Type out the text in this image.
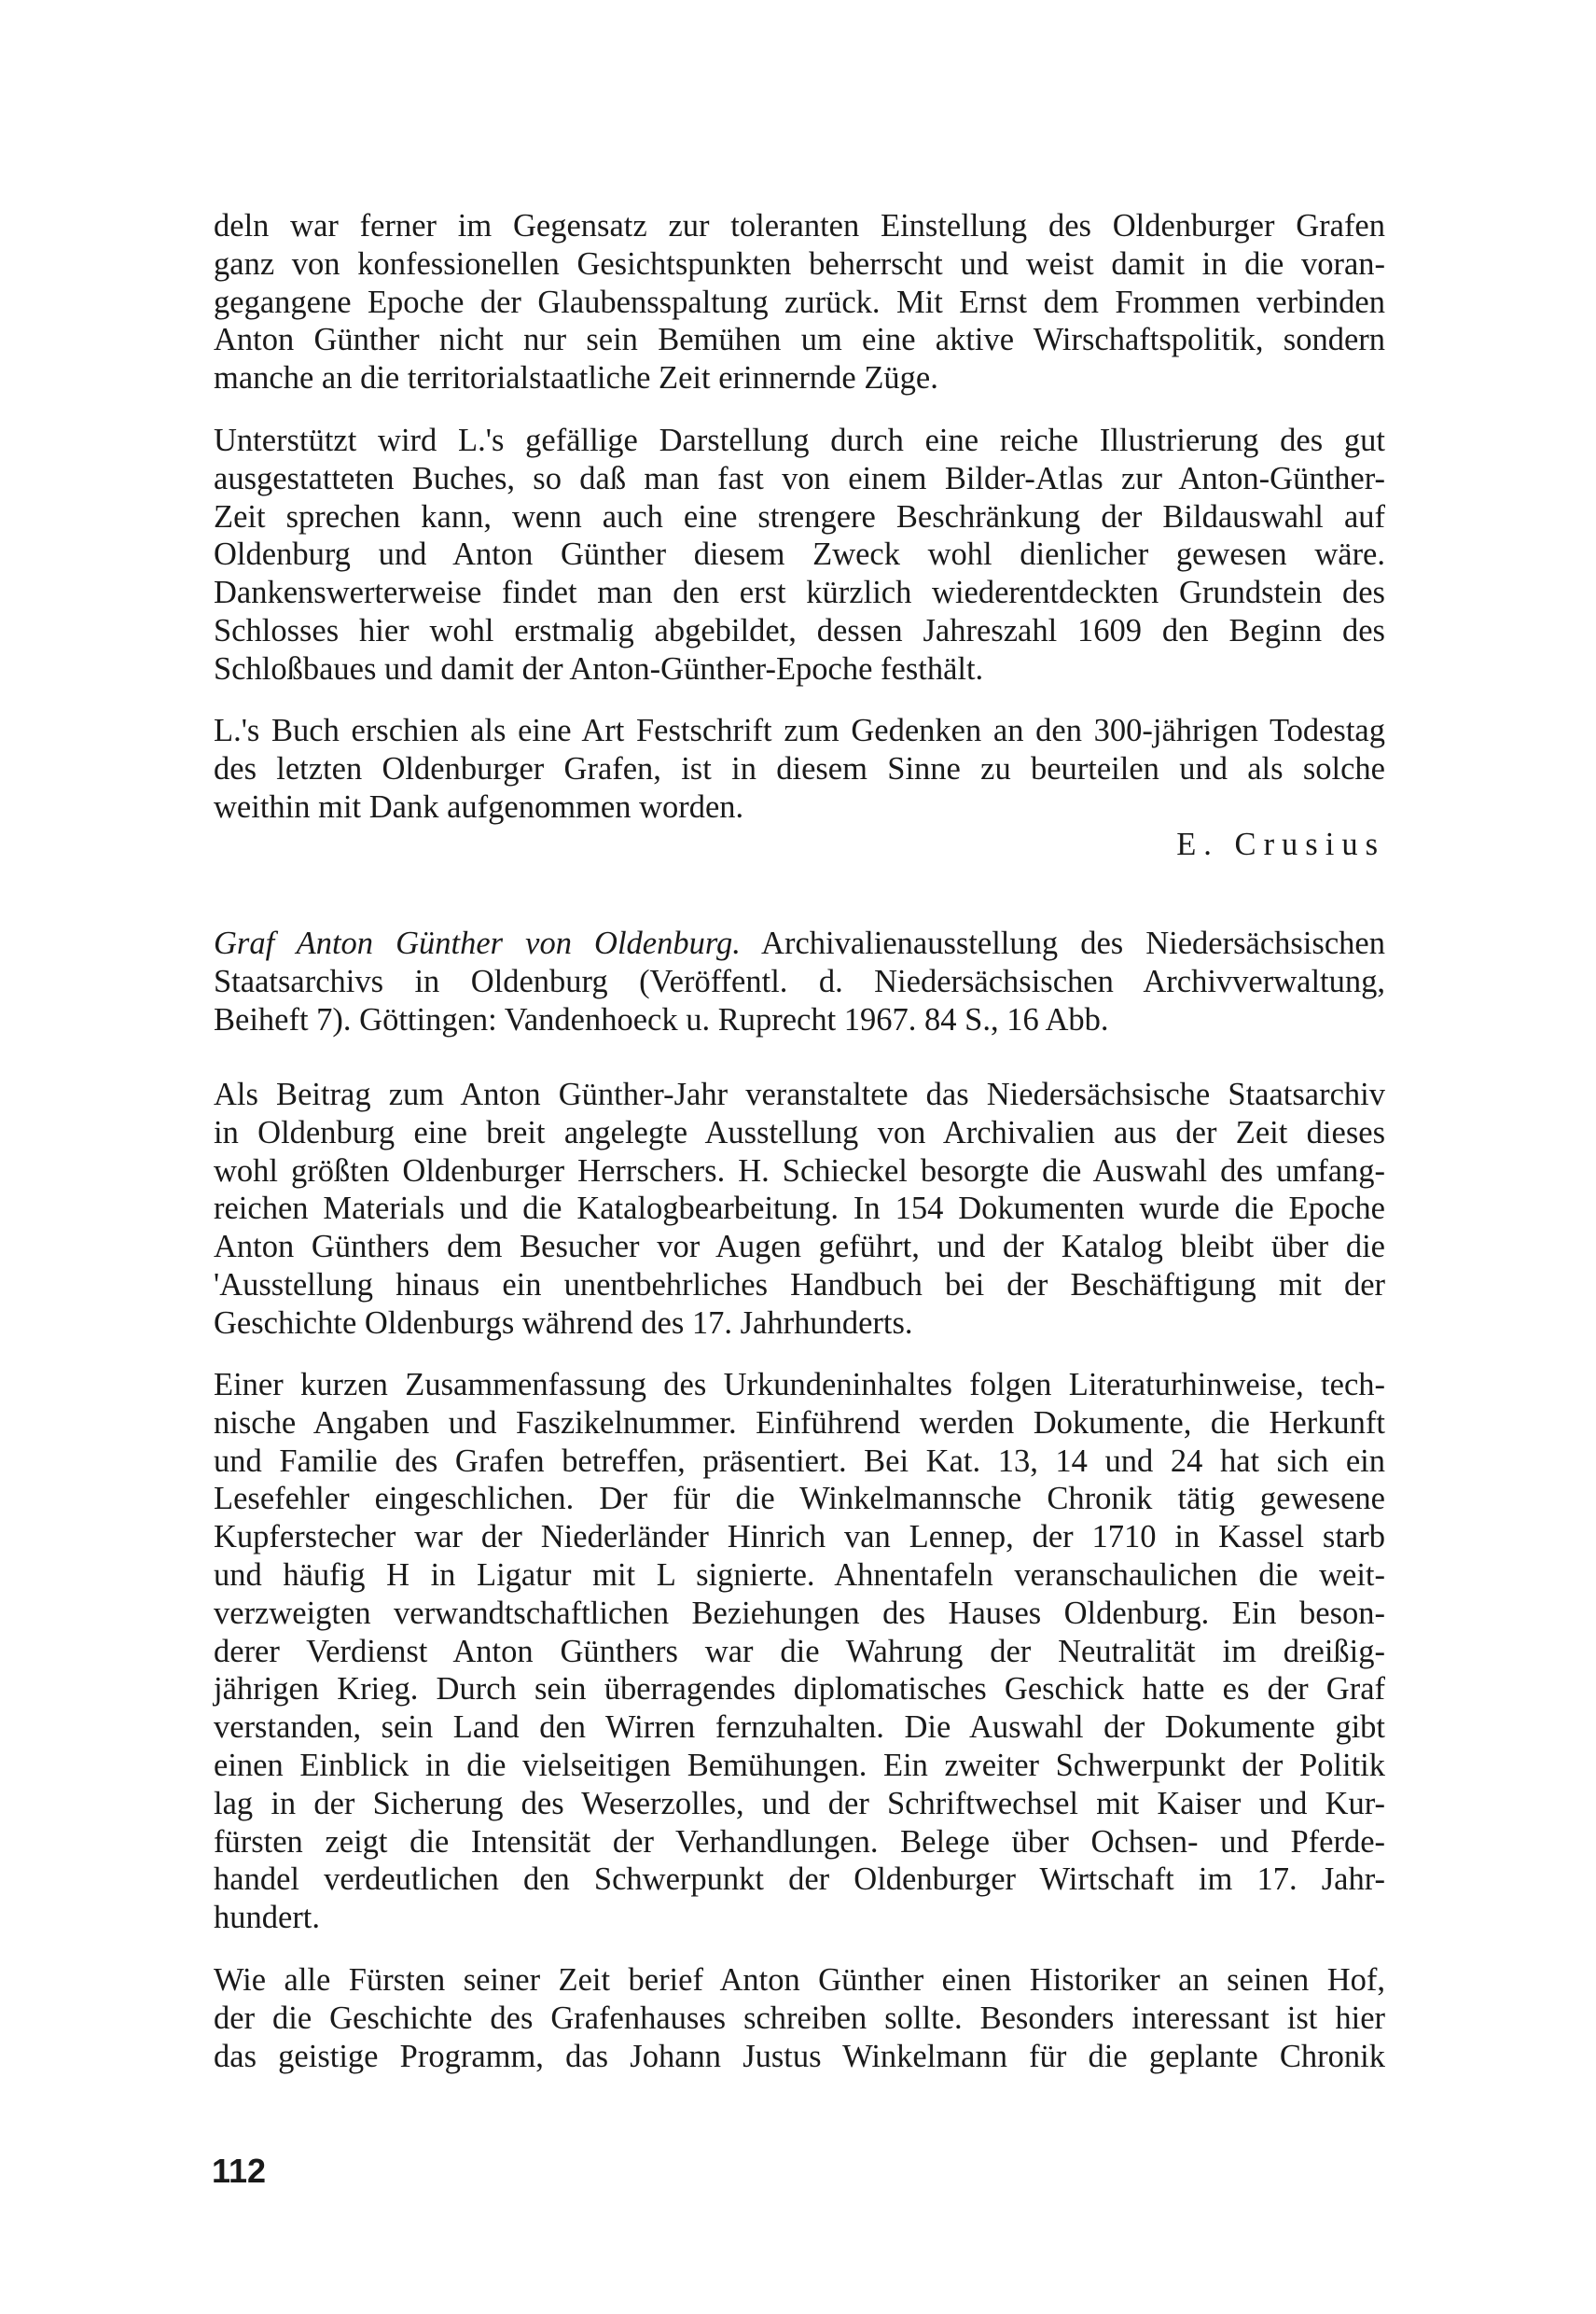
deln war ferner im Gegensatz zur toleranten Einstellung des Oldenburger Grafen
ganz von konfessionellen Gesichtspunkten beherrscht und weist damit in die voran-
gegangene Epoche der Glaubensspaltung zurück. Mit Ernst dem Frommen verbinden
Anton Günther nicht nur sein Bemühen um eine aktive Wirschaftspolitik, sondern
manche an die territorialstaatliche Zeit erinnernde Züge.
Unterstützt wird L.'s gefällige Darstellung durch eine reiche Illustrierung des gut
ausgestatteten Buches, so daß man fast von einem Bilder-Atlas zur Anton-Günther-
Zeit sprechen kann, wenn auch eine strengere Beschränkung der Bildauswahl auf
Oldenburg und Anton Günther diesem Zweck wohl dienlicher gewesen wäre.
Dankenswerterweise findet man den erst kürzlich wiederentdeckten Grundstein des
Schlosses hier wohl erstmalig abgebildet, dessen Jahreszahl 1609 den Beginn des
Schloßbaues und damit der Anton-Günther-Epoche festhält.
L.'s Buch erschien als eine Art Festschrift zum Gedenken an den 300-jährigen Todestag
des letzten Oldenburger Grafen, ist in diesem Sinne zu beurteilen und als solche
weithin mit Dank aufgenommen worden.
E. Crusius
Graf Anton Günther von Oldenburg. Archivalienausstellung des Niedersächsischen
Staatsarchivs in Oldenburg (Veröffentl. d. Niedersächsischen Archivverwaltung,
Beiheft 7). Göttingen: Vandenhoeck u. Ruprecht 1967. 84 S., 16 Abb.
Als Beitrag zum Anton Günther-Jahr veranstaltete das Niedersächsische Staatsarchiv
in Oldenburg eine breit angelegte Ausstellung von Archivalien aus der Zeit dieses
wohl größten Oldenburger Herrschers. H. Schieckel besorgte die Auswahl des umfang-
reichen Materials und die Katalogbearbeitung. In 154 Dokumenten wurde die Epoche
Anton Günthers dem Besucher vor Augen geführt, und der Katalog bleibt über die
'Ausstellung hinaus ein unentbehrliches Handbuch bei der Beschäftigung mit der
Geschichte Oldenburgs während des 17. Jahrhunderts.
Einer kurzen Zusammenfassung des Urkundeninhaltes folgen Literaturhinweise, tech-
nische Angaben und Faszikelnummer. Einführend werden Dokumente, die Herkunft
und Familie des Grafen betreffen, präsentiert. Bei Kat. 13, 14 und 24 hat sich ein
Lesefehler eingeschlichen. Der für die Winkelmannsche Chronik tätig gewesene
Kupferstecher war der Niederländer Hinrich van Lennep, der 1710 in Kassel starb
und häufig H in Ligatur mit L signierte. Ahnentafeln veranschaulichen die weit-
verzweigten verwandtschaftlichen Beziehungen des Hauses Oldenburg. Ein beson-
derer Verdienst Anton Günthers war die Wahrung der Neutralität im dreißig-
jährigen Krieg. Durch sein überragendes diplomatisches Geschick hatte es der Graf
verstanden, sein Land den Wirren fernzuhalten. Die Auswahl der Dokumente gibt
einen Einblick in die vielseitigen Bemühungen. Ein zweiter Schwerpunkt der Politik
lag in der Sicherung des Weserzolles, und der Schriftwechsel mit Kaiser und Kur-
fürsten zeigt die Intensität der Verhandlungen. Belege über Ochsen- und Pferde-
handel verdeutlichen den Schwerpunkt der Oldenburger Wirtschaft im 17. Jahr-
hundert.
Wie alle Fürsten seiner Zeit berief Anton Günther einen Historiker an seinen Hof,
der die Geschichte des Grafenhauses schreiben sollte. Besonders interessant ist hier
das geistige Programm, das Johann Justus Winkelmann für die geplante Chronik
112
